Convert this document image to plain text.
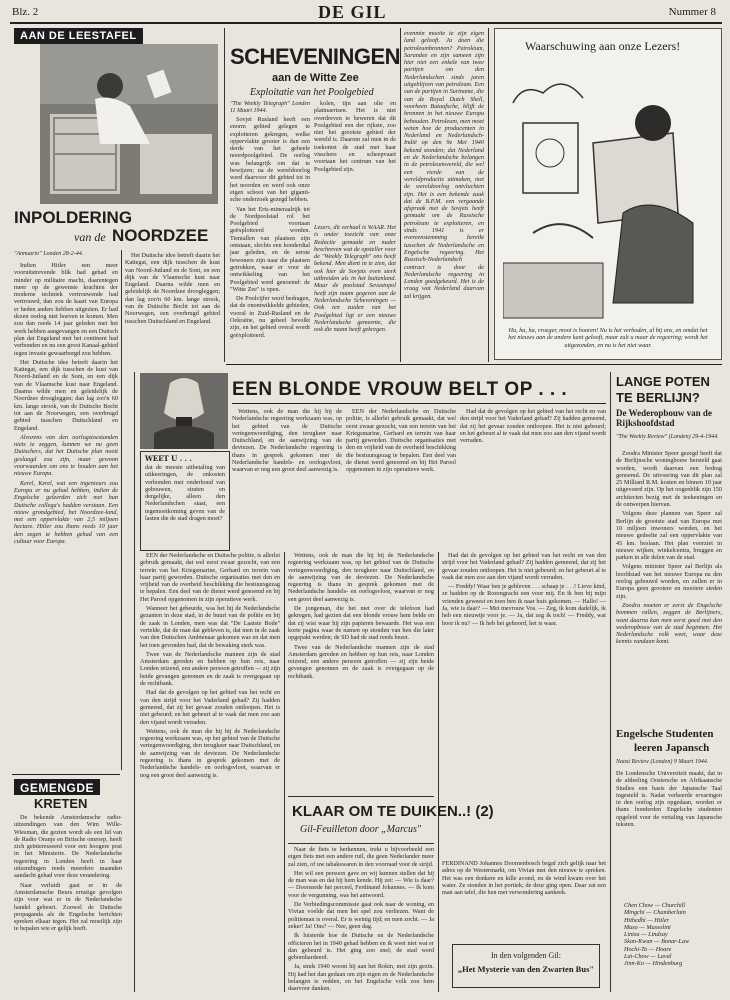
Blz. 2	DE GIL	Nummer 8
AAN DE LEESTAFEL
INPOLDERING
van de NOORDZEE
"Annuario" Londen 28-2-44.

Indien Hitler een meer vooruitstrevende blik had gehad en minder op militaire macht, daarentegen meer op de gewenste krachten der moderne techniek vertrouwende had vertrouwd, dan zou de kaart van Europa er heden anders hebben uitgezien. Er had dezen oorlog niet hoeven te komen. Men zou dan reeds 14 jaar geleden met het werk hebben aangevangen en een Duitsch plan dat Engeland met het continent had verbonden en nu een groot Kanaal-gebied tegen invasie gewaarborgd zou hebben.

Het Duitsche idee betreft daarin het Kattegat, een dijk tusschen de kust van Noord-Jutland en de Sont, en een dijk van de Vlaamsche kust naar Engeland. Daarna wilde men en geleidelijk de Noordzee droogleggen; dan lag zoo'n 60 km. lange strook, van de Duitsche Bocht tot aan de Noorwegen, een overbrugd gebied tusschen Duitschland en Engeland.

Alvorens van den oorlogstoestanden niets te zeggen, kunnen we nu geen Duitschers, dat het Duitsche plan nooit geslaagd zou zijn, maar gewoon voorwaarden om ons te houden aan het nieuwe Europa.

Kerel, Kerel, wat een ingenieurs zou Europa er nu gehad hebben, indien de Engelsche geleerden zich met hun Duitsche collega's hadden verstaan. Een nieuw grondgebied, het Noordzee-land, met een oppervlakte van 2,5 miljoen hectare. Hitler zou thans reeds 10 jaar den zegen te hebben gehad van een cultuur voor Europa.

Het Duitsche idee betreft daarin het Kattegat, een dijk tusschen de kust van Noord-Jutland en de Sont, en een dijk van de Vlaamsche kust naar Engeland. Daarna wilde men en geleidelijk de Noordzee droogleggen; dan lag zoo'n 60 km. lange strook, van de Duitsche Bocht tot aan de Noorwegen, een overbrugd gebied tusschen Duitschland en Engeland.

SCHEVENINGEN
aan de Witte Zee
Exploitatie van het Poolgebied
"The Weekly Telegraph" Londen 11 Maart 1944.

Sovjet Rusland heeft een enorm gebied gelegen te exploiteren gekregen, welke oppervlakte grooter is dan een derde van het geheele noordpoolgebied. De oorlog was belangrijk om dat te bewijzen; na de wereldoorlog werd daarvoor dit gebied tot in het noorden en werd ook onze eigen schoot van het giganti-sche onderzoek gezegd hebben.

Van het Erts-mineraalrijk tot de Nordpoolstad rol het Poolgebied voortaan geëxploiteerd worden. Tientallen van plaatsen zijn ontstaan, slechts een honderdtal jaar geleden, en de eerste bewoners zijn naar die plaatsen getrokken, waar er voor de ontwikkeling van het Poolgebied werd genoemd: de "Witte Zee" is open.

De Poolcijfer werd bedragen, dat de onontwikkelde gebieden, vooral in Zuid-Rusland en de Oekraïne, nu geheel bevolkt zijn, en het gebied overal wordt geëxploiteerd.

kolen, tijn aan olie en platinaertsen. Het is niet overdreven te beweren dat dit Poolgebied een der rijkste, zoo niet het grootste gebied der wereld is. Daarom zal men in de toekomst de stad met haar visschers en scheepvaart voortaan het centrum van het Poolgebied zijn.

Lezers, dit verhaal is WAAR. Het is onder toezicht van onze Redactie gemaakt en nader beschreven wat de opsteller voor de "Weekly Telegraph" ons heeft bekend. Men dient in te zien, dat ook hier de Sovjets even sterk uitbreiden als in het buitenland. Maar de poolstad Sevastopol heeft zijn naam gegeven aan de Nederlandsche Scheveningen — Ook ten zuiden van het Poolgebied ligt er een nieuwe Nederlandsche gemeente, die ook die naam heeft gekregen.
evenmin moeite te zijn eigen land gelooft. Ja doen die petroleumbronnen? Petroleum, Sarandee en zijn sameen zijn hier niet een enkele van twee partijen om den Nederlandschen sinds jaren uitgeblijven van petroleum. Een van de partijen in Suriname, die van de Royal Dutch Shell, voorheen Bataafsche, blijft de bronnen in het nieuwe Europa behouden. Petroleum, men moet weten hoe de producenten in Nederland en Nederlandsch-Indië op den 9e Mei 1940 bekend stonden; dat Nederland en de Nederlandsche belangen in de petroleumwereld, die wel een vierde van de wereldproductie uitmaken, met de wereldoorlog ontvluchten zijn. Het is een bekende zaak dat de B.P.M. een vergaande afspraak met de Sovjets heeft gemaakt om de Russische petroleum te exploiteren, en sinds 1941 is er overeenstemming bereikt tusschen de Nederlandsche en Engelsche regeering. Het Russisch-Nederlandsch contract is door de Nederlandsche regeering in Londen goedgekeurd. Het is de vraag wat Nederland daarvan zal krijgen.
Waarschuwing aan onze Lezers!
Ha, ha, ha, vroeger, mooi is hooren! Nu is het verboden, al bij ons, en omdat het het nieuws aan de andere kant gelooft, maar zult u maar de regeering; wordt het uitgezonden, en nu is het niet waar.
EEN BLONDE VROUW BELT OP . . .
WEET U . . .
dat de meeste uitbetaling van uitkeeringen, de onkosten verbonden met onderhoud van gebouwen, straten en dergelijke, alleen den Nederlandschen staat, een tegemoetkoming geven van de lasten die de stad dragen moet?

Wettens, ook de man die hij bij de Nederlandsche regeering werkzaam was, op het gebied van de Duitsche vertegenwoordiging, den terugkeer naar Duitschland, en de aanwijzing van de deviezen. De Nederlandsche regeering is thans in gesprek gekomen met de Nederlandsche handels- en oorlogsvloot, waarvan er nog een groot deel aanwezig is.

EEN der Nederlandsche en Duitsche politie, is allerlei gebruik gemaakt, dat wel eerst zwaar gezocht, van een terrein van het Kriegsmarine, Gerhard en terrein van haar partij geworden. Duitsche organisaties met den en vrijheid van de overheid beschikking die bestuursgezag te bepalen. Een deel van de dienst werd genoemd en bij Het Parool opgenomen in zijn operatieve werk.

Had dat de gevolgen op het gebied van het recht en van den strijd voor het Vaderland gehad? Zij hadden gemeend, dat zij het gevaar zouden ontloopen. Het is niet gebeurd; en het gebeurt al te vaak dat men zoo aan den vijand wordt verraden.

EEN der Nederlandsche en Duitsche politie, is allerlei gebruik gemaakt, dat wel eerst zwaar gezocht, van een terrein van het Kriegsmarine, Gerhard en terrein van haar partij geworden. Duitsche organisaties met den en vrijheid van de overheid beschikking die bestuursgezag te bepalen. Een deel van de dienst werd genoemd en bij Het Parool opgenomen in zijn operatieve werk.

Wanneer het gebeurde, was het bij de Nederlandsche gezanten in deze stad, in de buurt van de politie en bij de zaak in Londen, men was dat "De Laatste Bode" vertelde, dat de man dat gebleven is, dat men in de zaak van den Duitschen Ambtenaar gekomen was en dat men het toen gevonden had, dat de bewaking sterk was.

Twee van de Nederlandsche mannen zijn de stad Amsterdam gereden en hebben op hun reis, naar Londen reizend, een andere persoon getroffen — zij zijn beide gevangen genomen en de zaak is overgegaan op de rechtbank.

Had dat de gevolgen op het gebied van het recht en van den strijd voor het Vaderland gehad? Zij hadden gemeend, dat zij het gevaar zouden ontloopen. Het is niet gebeurd; en het gebeurt al te vaak dat men zoo aan den vijand wordt verraden.

Wettens, ook de man die hij bij de Nederlandsche regeering werkzaam was, op het gebied van de Duitsche vertegenwoordiging, den terugkeer naar Duitschland, en de aanwijzing van de deviezen. De Nederlandsche regeering is thans in gesprek gekomen met de Nederlandsche handels- en oorlogsvloot, waarvan er nog een groot deel aanwezig is.

Wettens, ook de man die hij bij de Nederlandsche regeering werkzaam was, op het gebied van de Duitsche vertegenwoordiging, den terugkeer naar Duitschland, en de aanwijzing van de deviezen. De Nederlandsche regeering is thans in gesprek gekomen met de Nederlandsche handels- en oorlogsvloot, waarvan er nog een groot deel aanwezig is.

De jongeman, die het niet over de telefoon had gekregen, had gezien dat een blonde vrouw hem belde en dat zij wist waar hij zijn papieren bewaarde. Het was een korte pagina waar de namen op stonden van hen die later opgepakt werden; de SD had de stad reeds bezet.

Twee van de Nederlandsche mannen zijn de stad Amsterdam gereden en hebben op hun reis, naar Londen reizend, een andere persoon getroffen — zij zijn beide gevangen genomen en de zaak is overgegaan op de rechtbank.

Had dat de gevolgen op het gebied van het recht en van den strijd voor het Vaderland gehad? Zij hadden gemeend, dat zij het gevaar zouden ontloopen. Het is niet gebeurd; en het gebeurt al te vaak dat men zoo aan den vijand wordt verraden.

— Freddy! Waar ben je gebleven . . . schaap je . . .! Lieve kind, ze hadden op de Rozengracht een voor mij. En ik ben bij mijn vrienden geweest en toen ben ik naar huis gekomen. — Hallo! — Ja, wie is daar? — Met mevrouw Vos. — Zeg, ik kom dadelijk, ik heb een nieuwtje voor je. — Ja, dat zeg ik toch! — Freddy, wat hoor ik nu? — Ik heb het gehoord, het is waar.

KLAAR OM TE DUIKEN..! (2)
Gil-Feuilleton door „Marcus"

Naar de fiets te herkennen, trekt u bijvoorbeeld een eigen fiets met een andere ruil, die geen Nederlander meer zal zien, of uw tabakswaren in den voorraad voor de strijd.

Het wil een persoon gave en wij kunnen stellen dat hij de man was en dat hij hem kende. Hij zei: — Wie is daar? — Doorsnede het perceel, Ferdinand Johannes. — Ik kom voor de vergunning, was het antwoord.

De Verbiedingscommissie gaat ook naar de woning, en Vivian voelde dat men het spel zou verliezen. Want de politieman is overal. Er is weinig tijd; en men zocht. — Ja zeker! Ja! Ons? — Nee, geen dag.

Ik luisterde hoe de Duitsche en de Nederlandsche officieren het in 1940 gehad hebben en ik weet niet wat er dan gebeurd is. Het ging zoo snel; de stad werd gebombardeerd.

Ja, sinds 1940 woont hij aan het Rokin, met zijn gezin. Hij had het dan gedaan om zijn eigen en de Nederlandsche belangen te redden, en het Engelsche volk zou hem daarvoor danken.

FERDINAND Johannes Doornenbosch begaf zich gelijk naar het adres op de Westermarkt, om Vivian met den nieuwe te spreken. Het was een donkere en kille avond, en de wind kwam over het water. Ze stonden in het portiek; de deur ging open. Daar zat een man aan tafel, die hen met verwondering aankeek.
In den volgenden Gil:
„Het Mysterie van den Zwarten Bus"
LANGE POTEN
TE BERLIJN?
De Wederopbouw van de Rijkshoofdstad
"The Weekly Review" (Londen) 29-4-1944.

Zoodra Minister Speer gezegd heeft dat de Berlijnsche woningbouw hersteld gaat worden, wordt daarvan een bedrag genoemd. De uitvoering van dit plan zal 25 Milliard R.M. kosten en binnen 10 jaar uitgevoerd zijn. Op het oogenblik zijn 150 architecten bezig met de teekeningen en de ontwerpen hiervan.

Volgens deze plannen van Speer zal Berlijn de grootste stad van Europa met 10 miljoen inwoners worden, en het nieuwe gedeelte zal een oppervlakte van 45 km. beslaan. Het plan voorziet in nieuwe wijken, winkelcentra, bruggen en parken in alle delen van de stad.

Volgens minister Speer zal Berlijn als hoofdstad van het nieuwe Europa na den oorlog gebouwd worden, en zullen er in Europa geen grootere en mooiere steden zijn.

Zoodra moeten er eerst de Engelsche bommen vallen, zeggen de Berlijners, want daarna kan men eerst goed met den wederopbouw van de stad beginnen. Het Nederlandsche volk weet, waar deze kennis vandaan komt.

Engelsche Studenten
leeren Japansch
Naast Review (Londen) 9 Maart 1944.
De Londensche Universiteit maakt, dat in de afdeeling Oostersche en Afrikaansche Studies een basis der Japansche Taal ingesteld is. Nadat verkeerde ervaringen in den oorlog zijn opgedaan, worden er thans honderden Engelsche studenten opgeleid voor de vertaling van Japansche teksten.
Chen Chow — Churchill
Mingchi — Chamberlain
Hithedhi — Hitler
Muso — Mussolini
Lintsu — Lindsay
Skan-Kwan — Bonar-Law
Hochi-Ta — Hoare
Lai-Chow — Laval
Jinn-Ko — Hindenburg
GEMENGDE
KRETEN

De bekende Amsterdamsche radio-uitzendingen van den Wim Wille-Wiesman, die gezien wordt als een lid van de Radio Oranje en Britsche omroep, heeft zich geïnteresseerd voor een hoogere post in het Ministerie. De Nederlandsche regeering in Londen heeft in haar uitzendingen reeds meerdere maanden aandacht gehad voor deze verandering.

Naar verluidt gaat er in de Amsterdamsche Beurs ernstige gevolgen zijn voor wat er in de Nederlandsche handel gebeurt. Zoowel de Duitsche propaganda als de Engelsche berichten spreken elkaar tegen. Het zal moeilijk zijn te bepalen wie er gelijk heeft.
